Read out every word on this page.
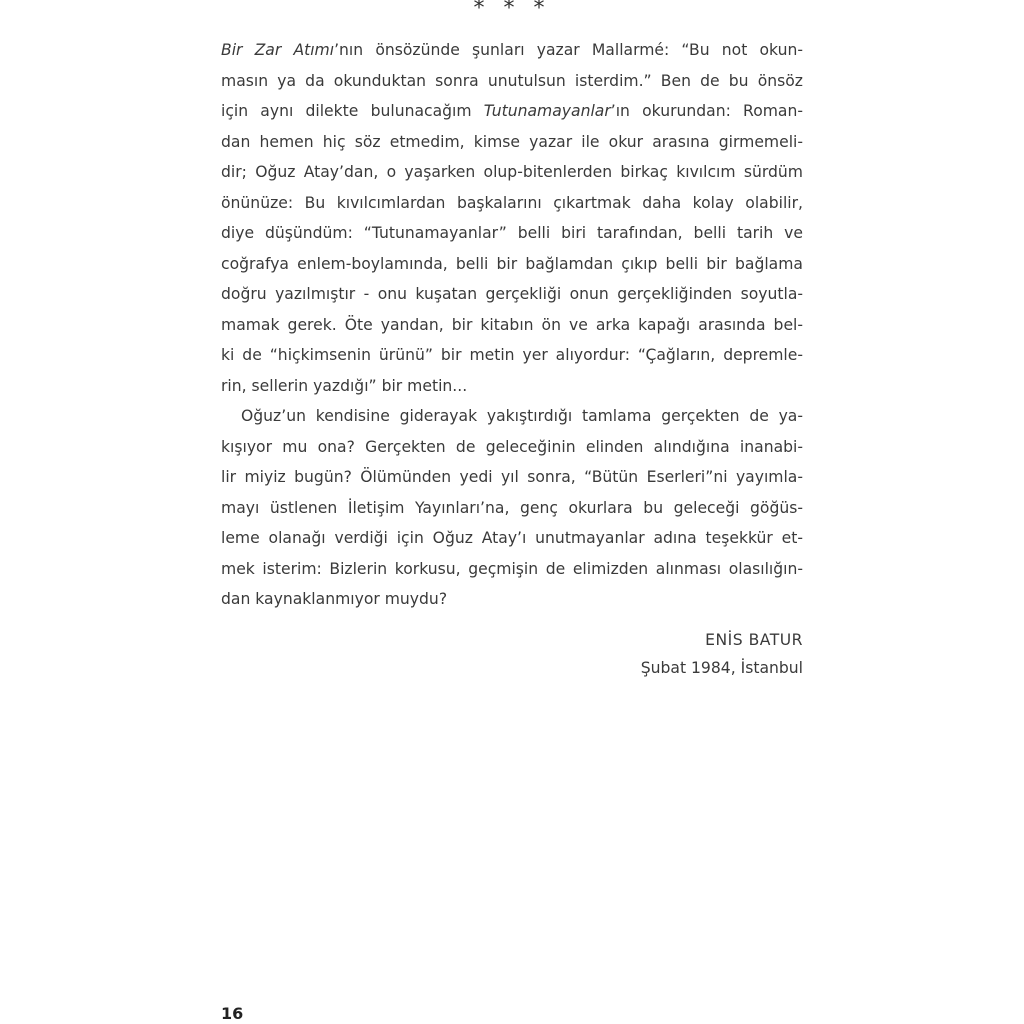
* * *
Bir Zar Atımı’nın önsözünde şunları yazar Mallarmé: “Bu not okun-
masın ya da okunduktan sonra unutulsun isterdim.” Ben de bu önsöz
için aynı dilekte bulunacağım Tutunamayanlar’ın okurundan: Roman-
dan hemen hiç söz etmedim, kimse yazar ile okur arasına girmemeli-
dir; Oğuz Atay’dan, o yaşarken olup-bitenlerden birkaç kıvılcım sürdüm
önünüze: Bu kıvılcımlardan başkalarını çıkartmak daha kolay olabilir,
diye düşündüm: “Tutunamayanlar” belli biri tarafından, belli tarih ve
coğrafya enlem-boylamında, belli bir bağlamdan çıkıp belli bir bağlama
doğru yazılmıştır - onu kuşatan gerçekliği onun gerçekliğinden soyutla-
mamak gerek. Öte yandan, bir kitabın ön ve arka kapağı arasında bel-
ki de “hiçkimsenin ürünü” bir metin yer alıyordur: “Çağların, depremle-
rin, sellerin yazdığı” bir metin...
Oğuz’un kendisine giderayak yakıştırdığı tamlama gerçekten de ya-
kışıyor mu ona? Gerçekten de geleceğinin elinden alındığına inanabi-
lir miyiz bugün? Ölümünden yedi yıl sonra, “Bütün Eserleri”ni yayımla-
mayı üstlenen İletişim Yayınları’na, genç okurlara bu geleceği göğüs-
leme olanağı verdiği için Oğuz Atay’ı unutmayanlar adına teşekkür et-
mek isterim: Bizlerin korkusu, geçmişin de elimizden alınması olasılığın-
dan kaynaklanmıyor muydu?
ENİS BATUR
Şubat 1984, İstanbul
16
